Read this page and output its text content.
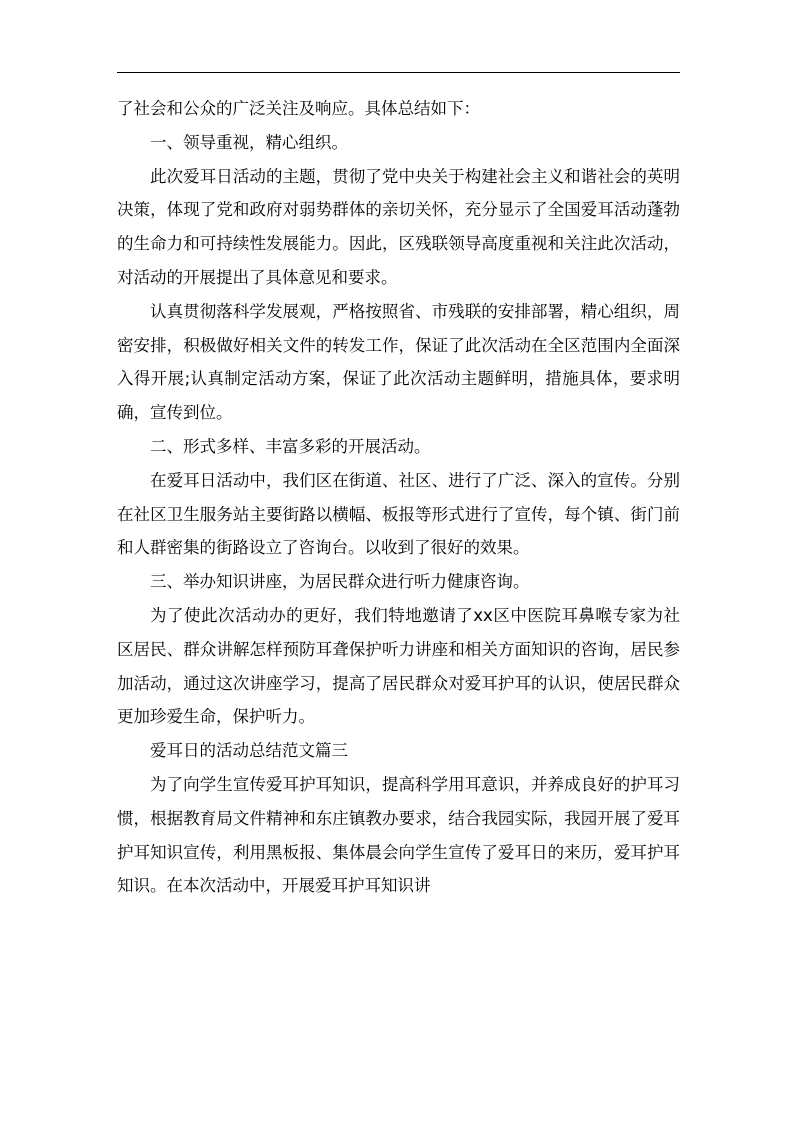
了社会和公众的广泛关注及响应。具体总结如下：

一、领导重视，精心组织。

此次爱耳日活动的主题，贯彻了党中央关于构建社会主义和谐社会的英明决策，体现了党和政府对弱势群体的亲切关怀，充分显示了全国爱耳活动蓬勃的生命力和可持续性发展能力。因此，区残联领导高度重视和关注此次活动，对活动的开展提出了具体意见和要求。

认真贯彻落科学发展观，严格按照省、市残联的安排部署，精心组织，周密安排，积极做好相关文件的转发工作，保证了此次活动在全区范围内全面深入得开展;认真制定活动方案，保证了此次活动主题鲜明，措施具体，要求明确，宣传到位。

二、形式多样、丰富多彩的开展活动。

在爱耳日活动中，我们区在街道、社区、进行了广泛、深入的宣传。分别在社区卫生服务站主要街路以横幅、板报等形式进行了宣传，每个镇、街门前和人群密集的街路设立了咨询台。以收到了很好的效果。

三、举办知识讲座，为居民群众进行听力健康咨询。

为了使此次活动办的更好，我们特地邀请了xx区中医院耳鼻喉专家为社区居民、群众讲解怎样预防耳聋保护听力讲座和相关方面知识的咨询，居民参加活动，通过这次讲座学习，提高了居民群众对爱耳护耳的认识，使居民群众更加珍爱生命，保护听力。

爱耳日的活动总结范文篇三

为了向学生宣传爱耳护耳知识，提高科学用耳意识，并养成良好的护耳习惯，根据教育局文件精神和东庄镇教办要求，结合我园实际，我园开展了爱耳护耳知识宣传，利用黑板报、集体晨会向学生宣传了爱耳日的来历，爱耳护耳知识。在本次活动中，开展爱耳护耳知识讲
